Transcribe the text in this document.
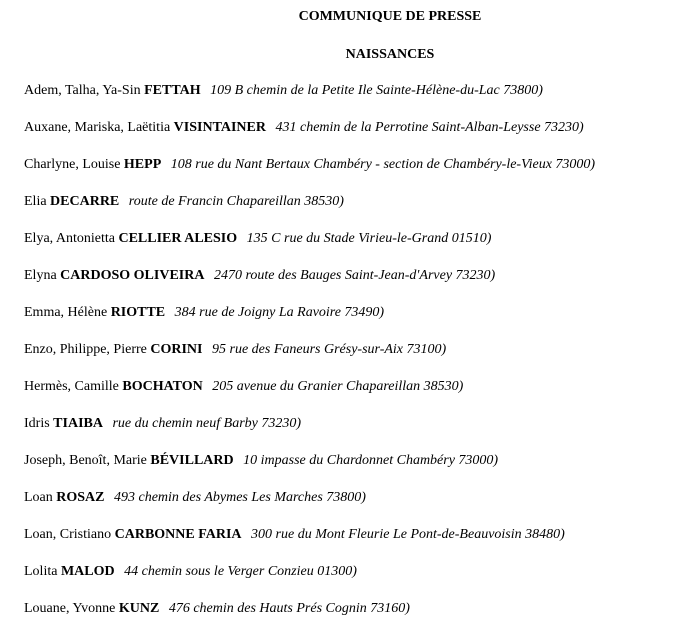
COMMUNIQUE DE PRESSE
NAISSANCES
Adem, Talha, Ya-Sin FETTAH 109 B chemin de la Petite Ile Sainte-Hélène-du-Lac 73800)
Auxane, Mariska, Laëtitia VISINTAINER 431 chemin de la Perrotine Saint-Alban-Leysse 73230)
Charlyne, Louise HEPP 108 rue du Nant Bertaux Chambéry - section de Chambéry-le-Vieux 73000)
Elia DECARRE route de Francin Chapareillan 38530)
Elya, Antonietta CELLIER ALESIO 135 C rue du Stade Virieu-le-Grand 01510)
Elyna CARDOSO OLIVEIRA 2470 route des Bauges Saint-Jean-d'Arvey 73230)
Emma, Hélène RIOTTE 384 rue de Joigny La Ravoire 73490)
Enzo, Philippe, Pierre CORINI 95 rue des Faneurs Grésy-sur-Aix 73100)
Hermès, Camille BOCHATON 205 avenue du Granier Chapareillan 38530)
Idris TIAIBA rue du chemin neuf Barby 73230)
Joseph, Benoît, Marie BÉVILLARD 10 impasse du Chardonnet Chambéry 73000)
Loan ROSAZ 493 chemin des Abymes Les Marches 73800)
Loan, Cristiano CARBONNE FARIA 300 rue du Mont Fleurie Le Pont-de-Beauvoisin 38480)
Lolita MALOD 44 chemin sous le Verger Conzieu 01300)
Louane, Yvonne KUNZ 476 chemin des Hauts Prés Cognin 73160)
